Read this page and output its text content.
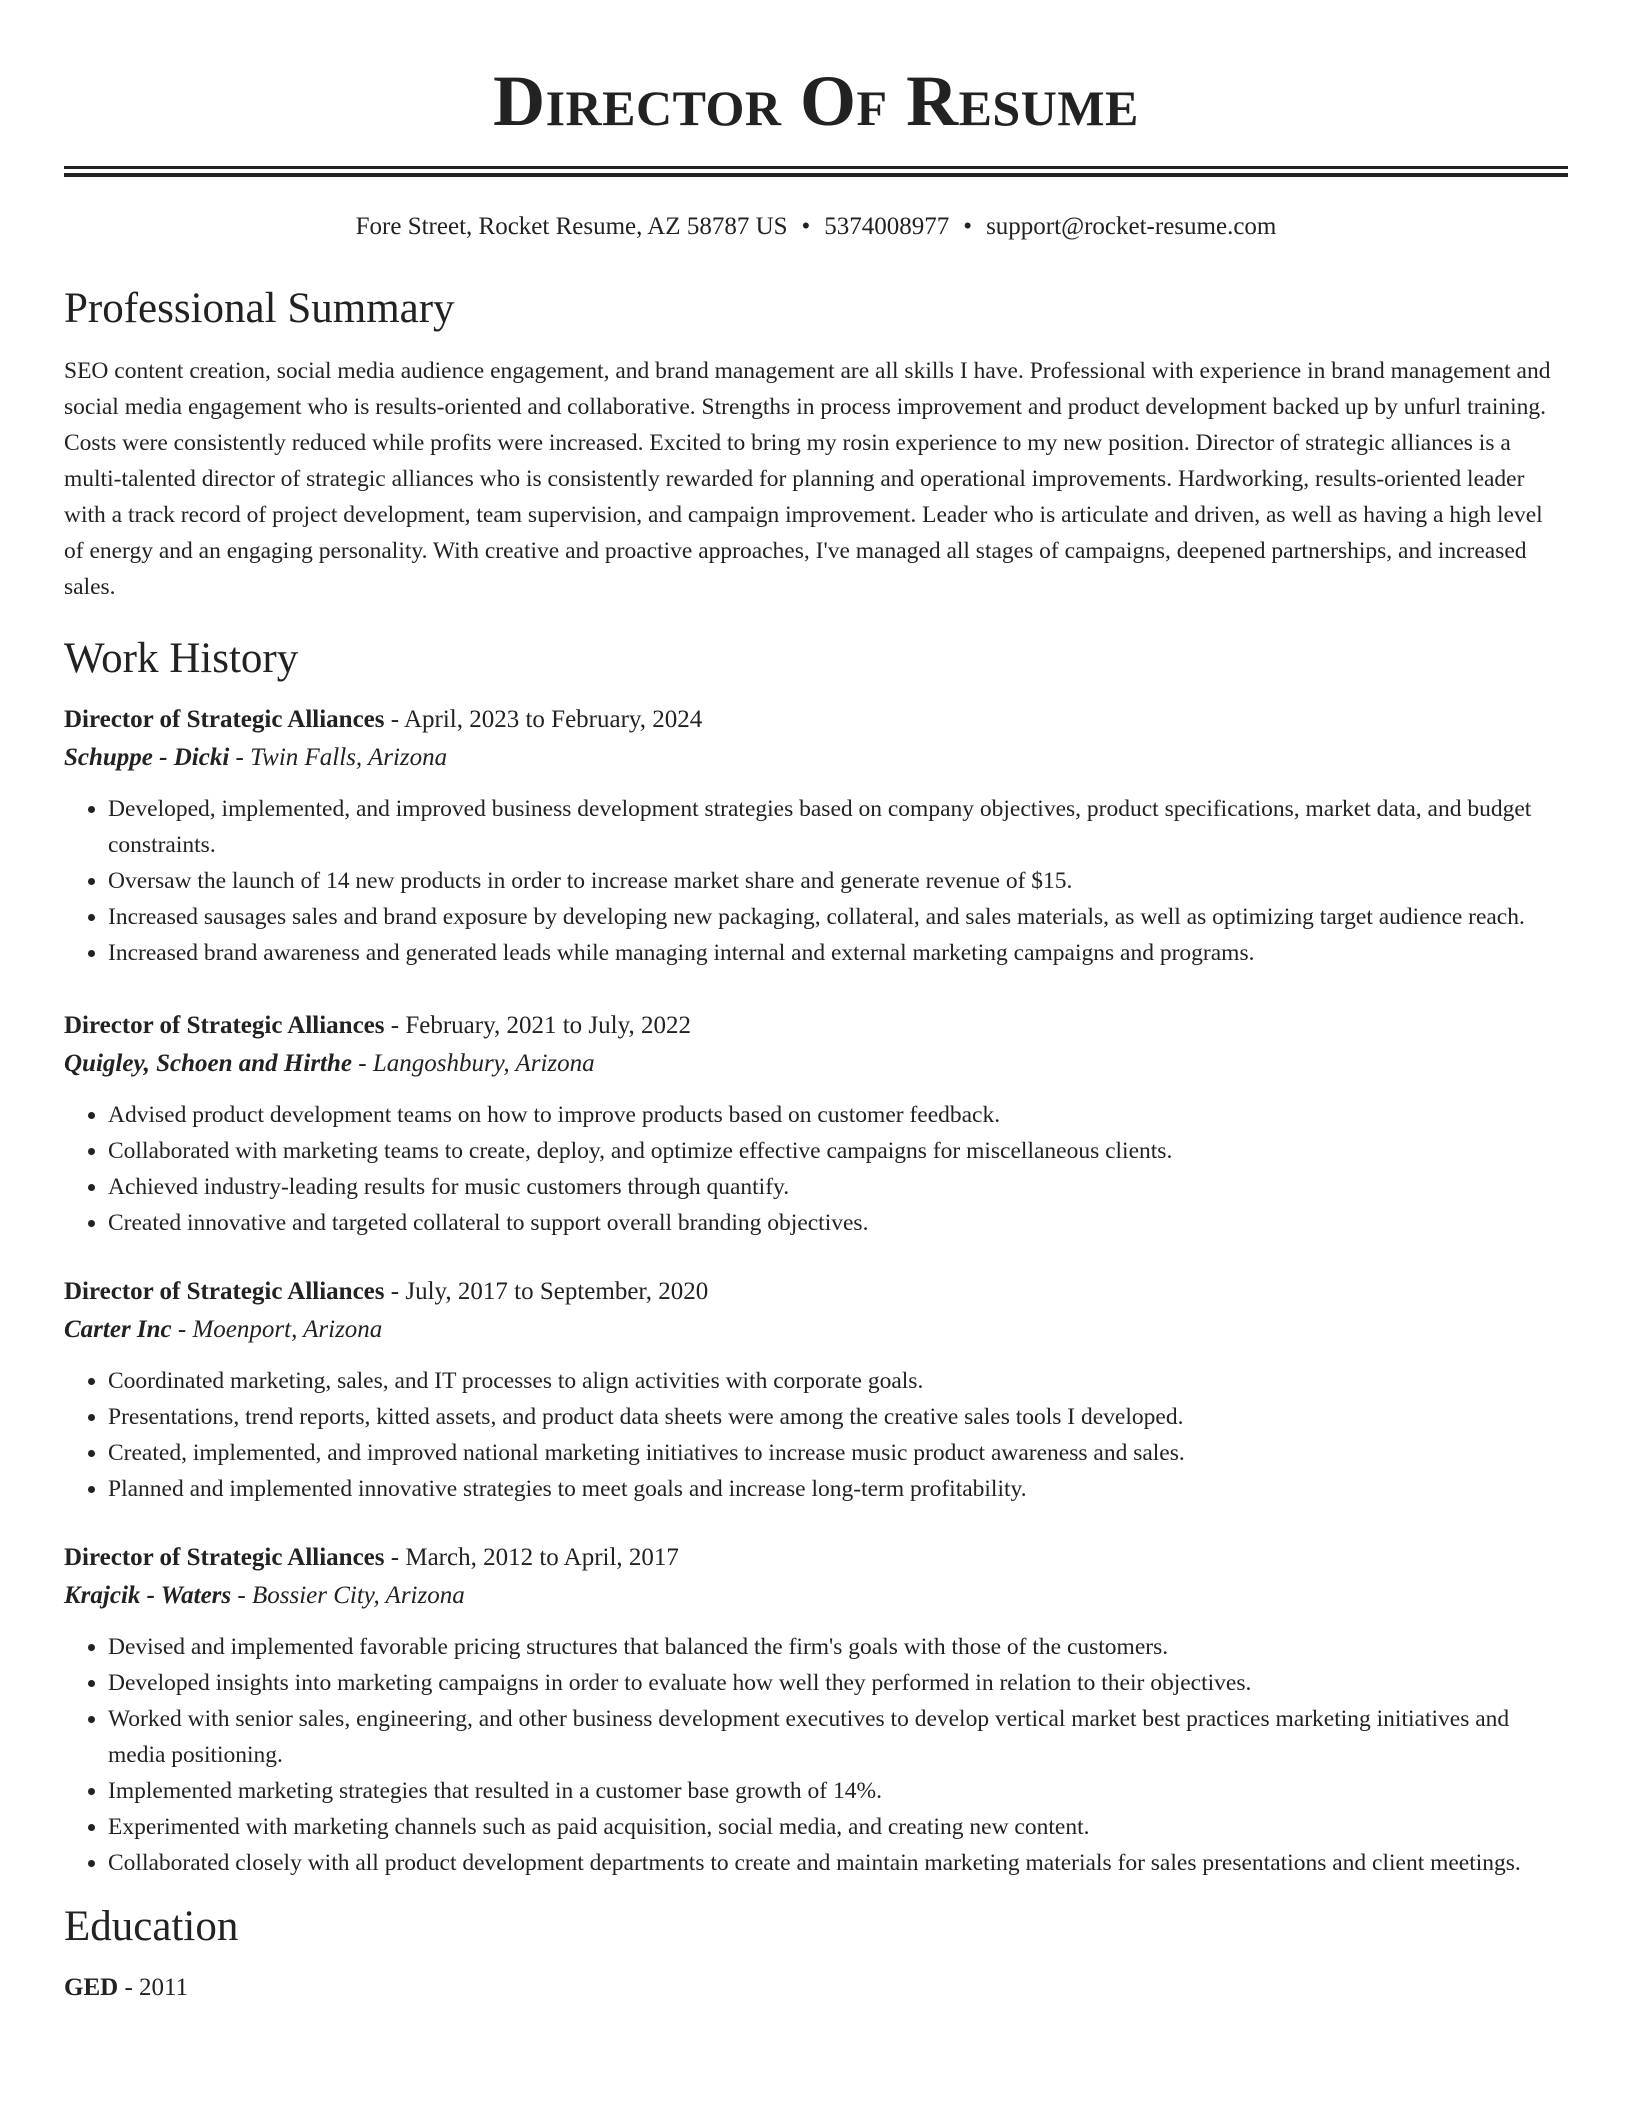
Director Of Resume
Fore Street, Rocket Resume, AZ 58787 US • 5374008977 • support@rocket-resume.com
Professional Summary

SEO content creation, social media audience engagement, and brand management are all skills I have. Professional with experience in brand management and social media engagement who is results-oriented and collaborative. Strengths in process improvement and product development backed up by unfurl training. Costs were consistently reduced while profits were increased. Excited to bring my rosin experience to my new position. Director of strategic alliances is a multi-talented director of strategic alliances who is consistently rewarded for planning and operational improvements. Hardworking, results-oriented leader with a track record of project development, team supervision, and campaign improvement. Leader who is articulate and driven, as well as having a high level of energy and an engaging personality. With creative and proactive approaches, I've managed all stages of campaigns, deepened partnerships, and increased sales.

Work History
Director of Strategic Alliances - April, 2023 to February, 2024
Schuppe - Dicki - Twin Falls, Arizona
• Developed, implemented, and improved business development strategies based on company objectives, product specifications, market data, and budget constraints.
• Oversaw the launch of 14 new products in order to increase market share and generate revenue of $15.
• Increased sausages sales and brand exposure by developing new packaging, collateral, and sales materials, as well as optimizing target audience reach.
• Increased brand awareness and generated leads while managing internal and external marketing campaigns and programs.
Director of Strategic Alliances - February, 2021 to July, 2022
Quigley, Schoen and Hirthe - Langoshbury, Arizona
• Advised product development teams on how to improve products based on customer feedback.
• Collaborated with marketing teams to create, deploy, and optimize effective campaigns for miscellaneous clients.
• Achieved industry-leading results for music customers through quantify.
• Created innovative and targeted collateral to support overall branding objectives.
Director of Strategic Alliances - July, 2017 to September, 2020
Carter Inc - Moenport, Arizona
• Coordinated marketing, sales, and IT processes to align activities with corporate goals.
• Presentations, trend reports, kitted assets, and product data sheets were among the creative sales tools I developed.
• Created, implemented, and improved national marketing initiatives to increase music product awareness and sales.
• Planned and implemented innovative strategies to meet goals and increase long-term profitability.
Director of Strategic Alliances - March, 2012 to April, 2017
Krajcik - Waters - Bossier City, Arizona
• Devised and implemented favorable pricing structures that balanced the firm's goals with those of the customers.
• Developed insights into marketing campaigns in order to evaluate how well they performed in relation to their objectives.
• Worked with senior sales, engineering, and other business development executives to develop vertical market best practices marketing initiatives and media positioning.
• Implemented marketing strategies that resulted in a customer base growth of 14%.
• Experimented with marketing channels such as paid acquisition, social media, and creating new content.
• Collaborated closely with all product development departments to create and maintain marketing materials for sales presentations and client meetings.
Education
GED - 2011
